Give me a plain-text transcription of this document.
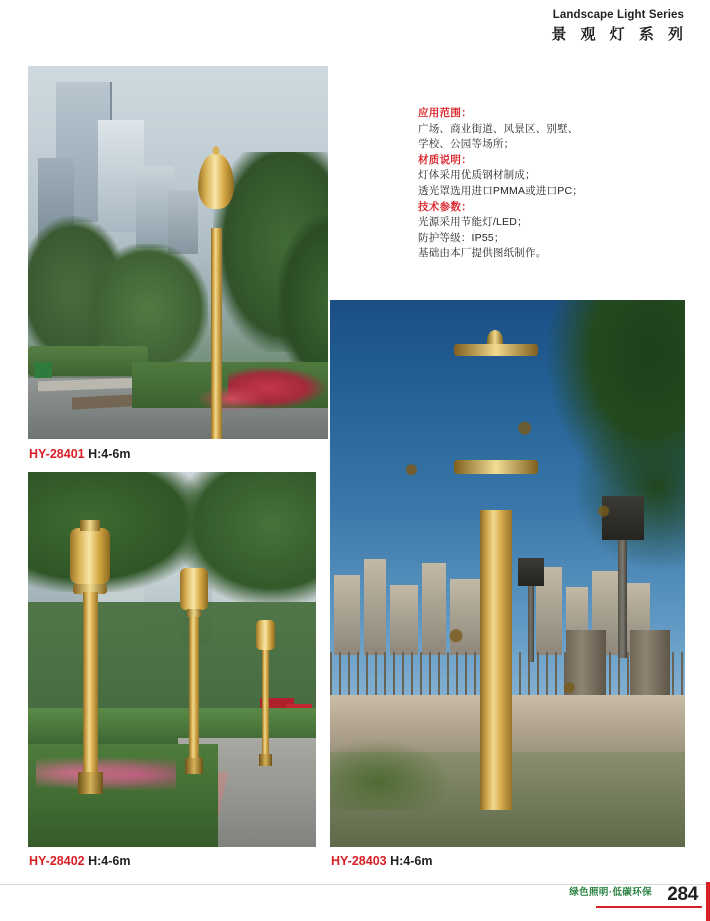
Landscape Light Series
景 观 灯 系 列
HY-28401 H:4-6m
HY-28402 H:4-6m	HY-28403 H:4-6m
应用范围：
广场、商业街道、风景区、别墅、
学校、公园等场所；
材质说明：
灯体采用优质钢材制成；
透光罩选用进口PMMA或进口PC；
技术参数：
光源采用节能灯/LED；
防护等级：IP55；
基础由本厂提供图纸制作。
绿色照明·低碳环保 284
